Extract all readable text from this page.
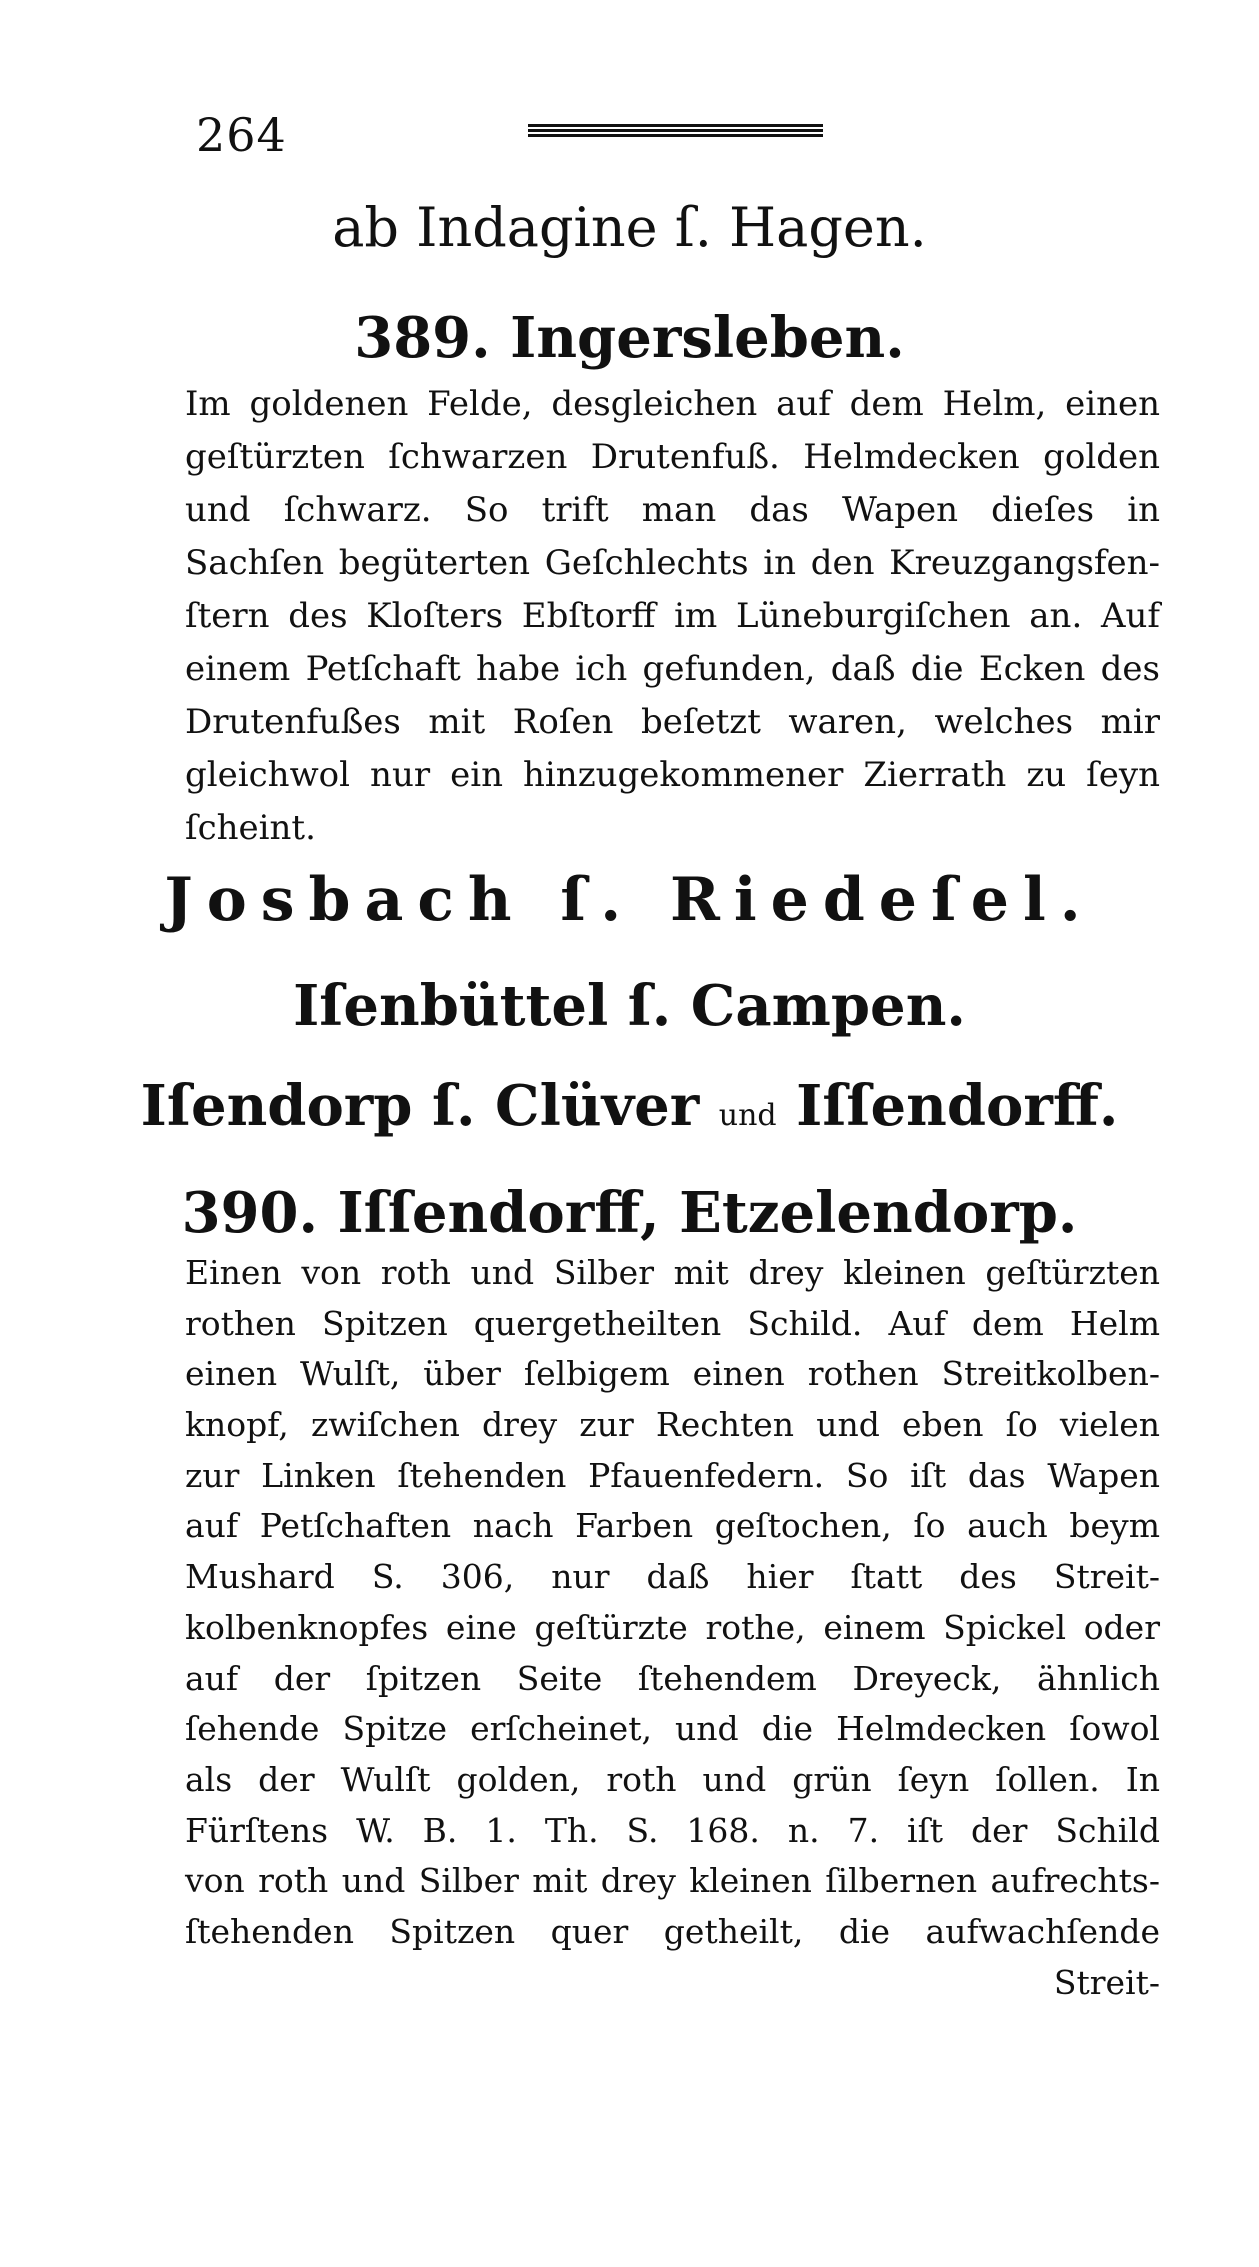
264
ab Indagine ſ. Hagen.
389. Ingersleben.
Im goldenen Felde, desgleichen auf dem Helm, einen
geſtürzten ſchwarzen Drutenfuß. Helmdecken golden
und ſchwarz. So trift man das Wapen dieſes in
Sachſen begüterten Geſchlechts in den Kreuzgangsfen-
ſtern des Kloſters Ebſtorff im Lüneburgiſchen an. Auf
einem Petſchaft habe ich gefunden, daß die Ecken des
Drutenfußes mit Roſen beſetzt waren, welches mir
gleichwol nur ein hinzugekommener Zierrath zu ſeyn
ſcheint.
Josbach ſ. Riedeſel.
Iſenbüttel ſ. Campen.
Iſendorp ſ. Clüver und Iſſendorff.
390. Iſſendorff, Etzelendorp.
Einen von roth und Silber mit drey kleinen geſtürzten
rothen Spitzen quergetheilten Schild. Auf dem Helm
einen Wulſt, über ſelbigem einen rothen Streitkolben-
knopf, zwiſchen drey zur Rechten und eben ſo vielen
zur Linken ſtehenden Pfauenfedern. So iſt das Wapen
auf Petſchaften nach Farben geſtochen, ſo auch beym
Mushard S. 306, nur daß hier ſtatt des Streit-
kolbenknopfes eine geſtürzte rothe, einem Spickel oder
auf der ſpitzen Seite ſtehendem Dreyeck, ähnlich
ſehende Spitze erſcheinet, und die Helmdecken ſowol
als der Wulſt golden, roth und grün ſeyn ſollen. In
Fürſtens W. B. 1. Th. S. 168. n. 7. iſt der Schild
von roth und Silber mit drey kleinen ſilbernen aufrechts-
ſtehenden Spitzen quer getheilt, die aufwachſende
Streit-
